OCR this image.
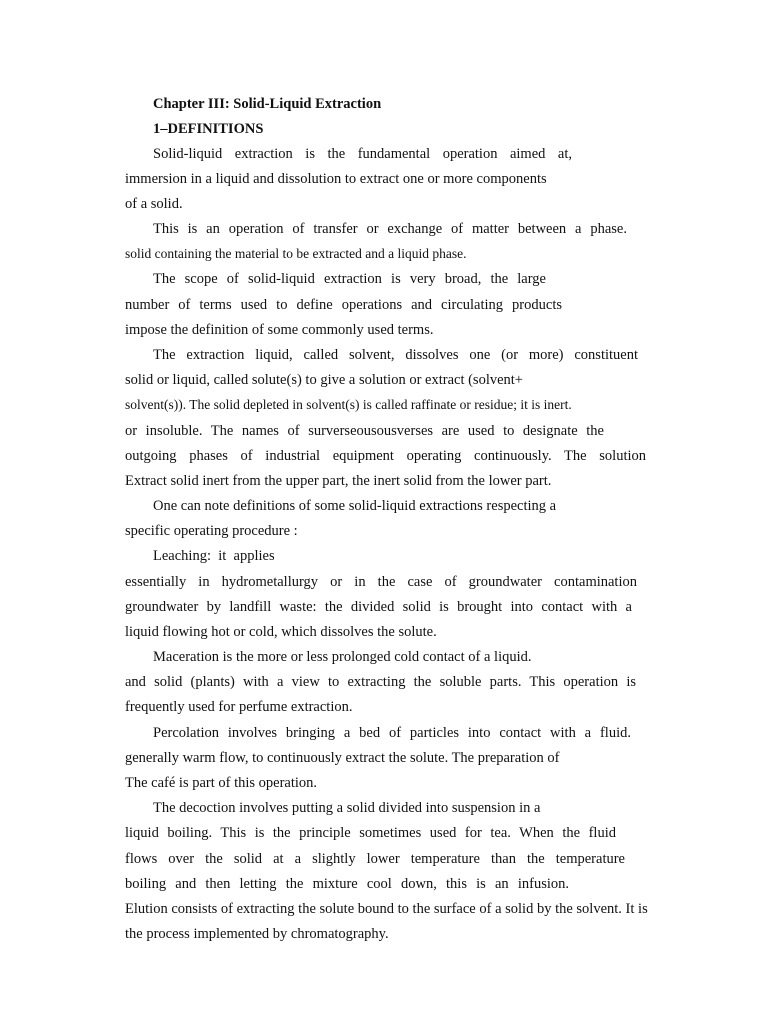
Chapter III: Solid-Liquid Extraction
1–DEFINITIONS
Solid-liquid extraction is the fundamental operation aimed at,
immersion in a liquid and dissolution to extract one or more components
of a solid.
This is an operation of transfer or exchange of matter between a phase.
solid containing the material to be extracted and a liquid phase.
The scope of solid-liquid extraction is very broad, the large
number of terms used to define operations and circulating products
impose the definition of some commonly used terms.
The extraction liquid, called solvent, dissolves one (or more) constituent
solid or liquid, called solute(s) to give a solution or extract (solvent+
solvent(s)). The solid depleted in solvent(s) is called raffinate or residue; it is inert.
or insoluble. The names of surverseousousverses are used to designate the
outgoing phases of industrial equipment operating continuously. The solution
Extract solid inert from the upper part, the inert solid from the lower part.
One can note definitions of some solid-liquid extractions respecting a
specific operating procedure :
Leaching:  it  applies
essentially in hydrometallurgy or in the case of groundwater contamination
groundwater by landfill waste: the divided solid is brought into contact with a
liquid flowing hot or cold, which dissolves the solute.
Maceration is the more or less prolonged cold contact of a liquid.
and solid (plants) with a view to extracting the soluble parts. This operation is
frequently used for perfume extraction.
Percolation involves bringing a bed of particles into contact with a fluid.
generally warm flow, to continuously extract the solute. The preparation of
The café is part of this operation.
The decoction involves putting a solid divided into suspension in a
liquid boiling. This is the principle sometimes used for tea. When the fluid
flows over the solid at a slightly lower temperature than the temperature
boiling and then letting the mixture cool down, this is an infusion.
Elution consists of extracting the solute bound to the surface of a solid by the solvent. It is
the process implemented by chromatography.
